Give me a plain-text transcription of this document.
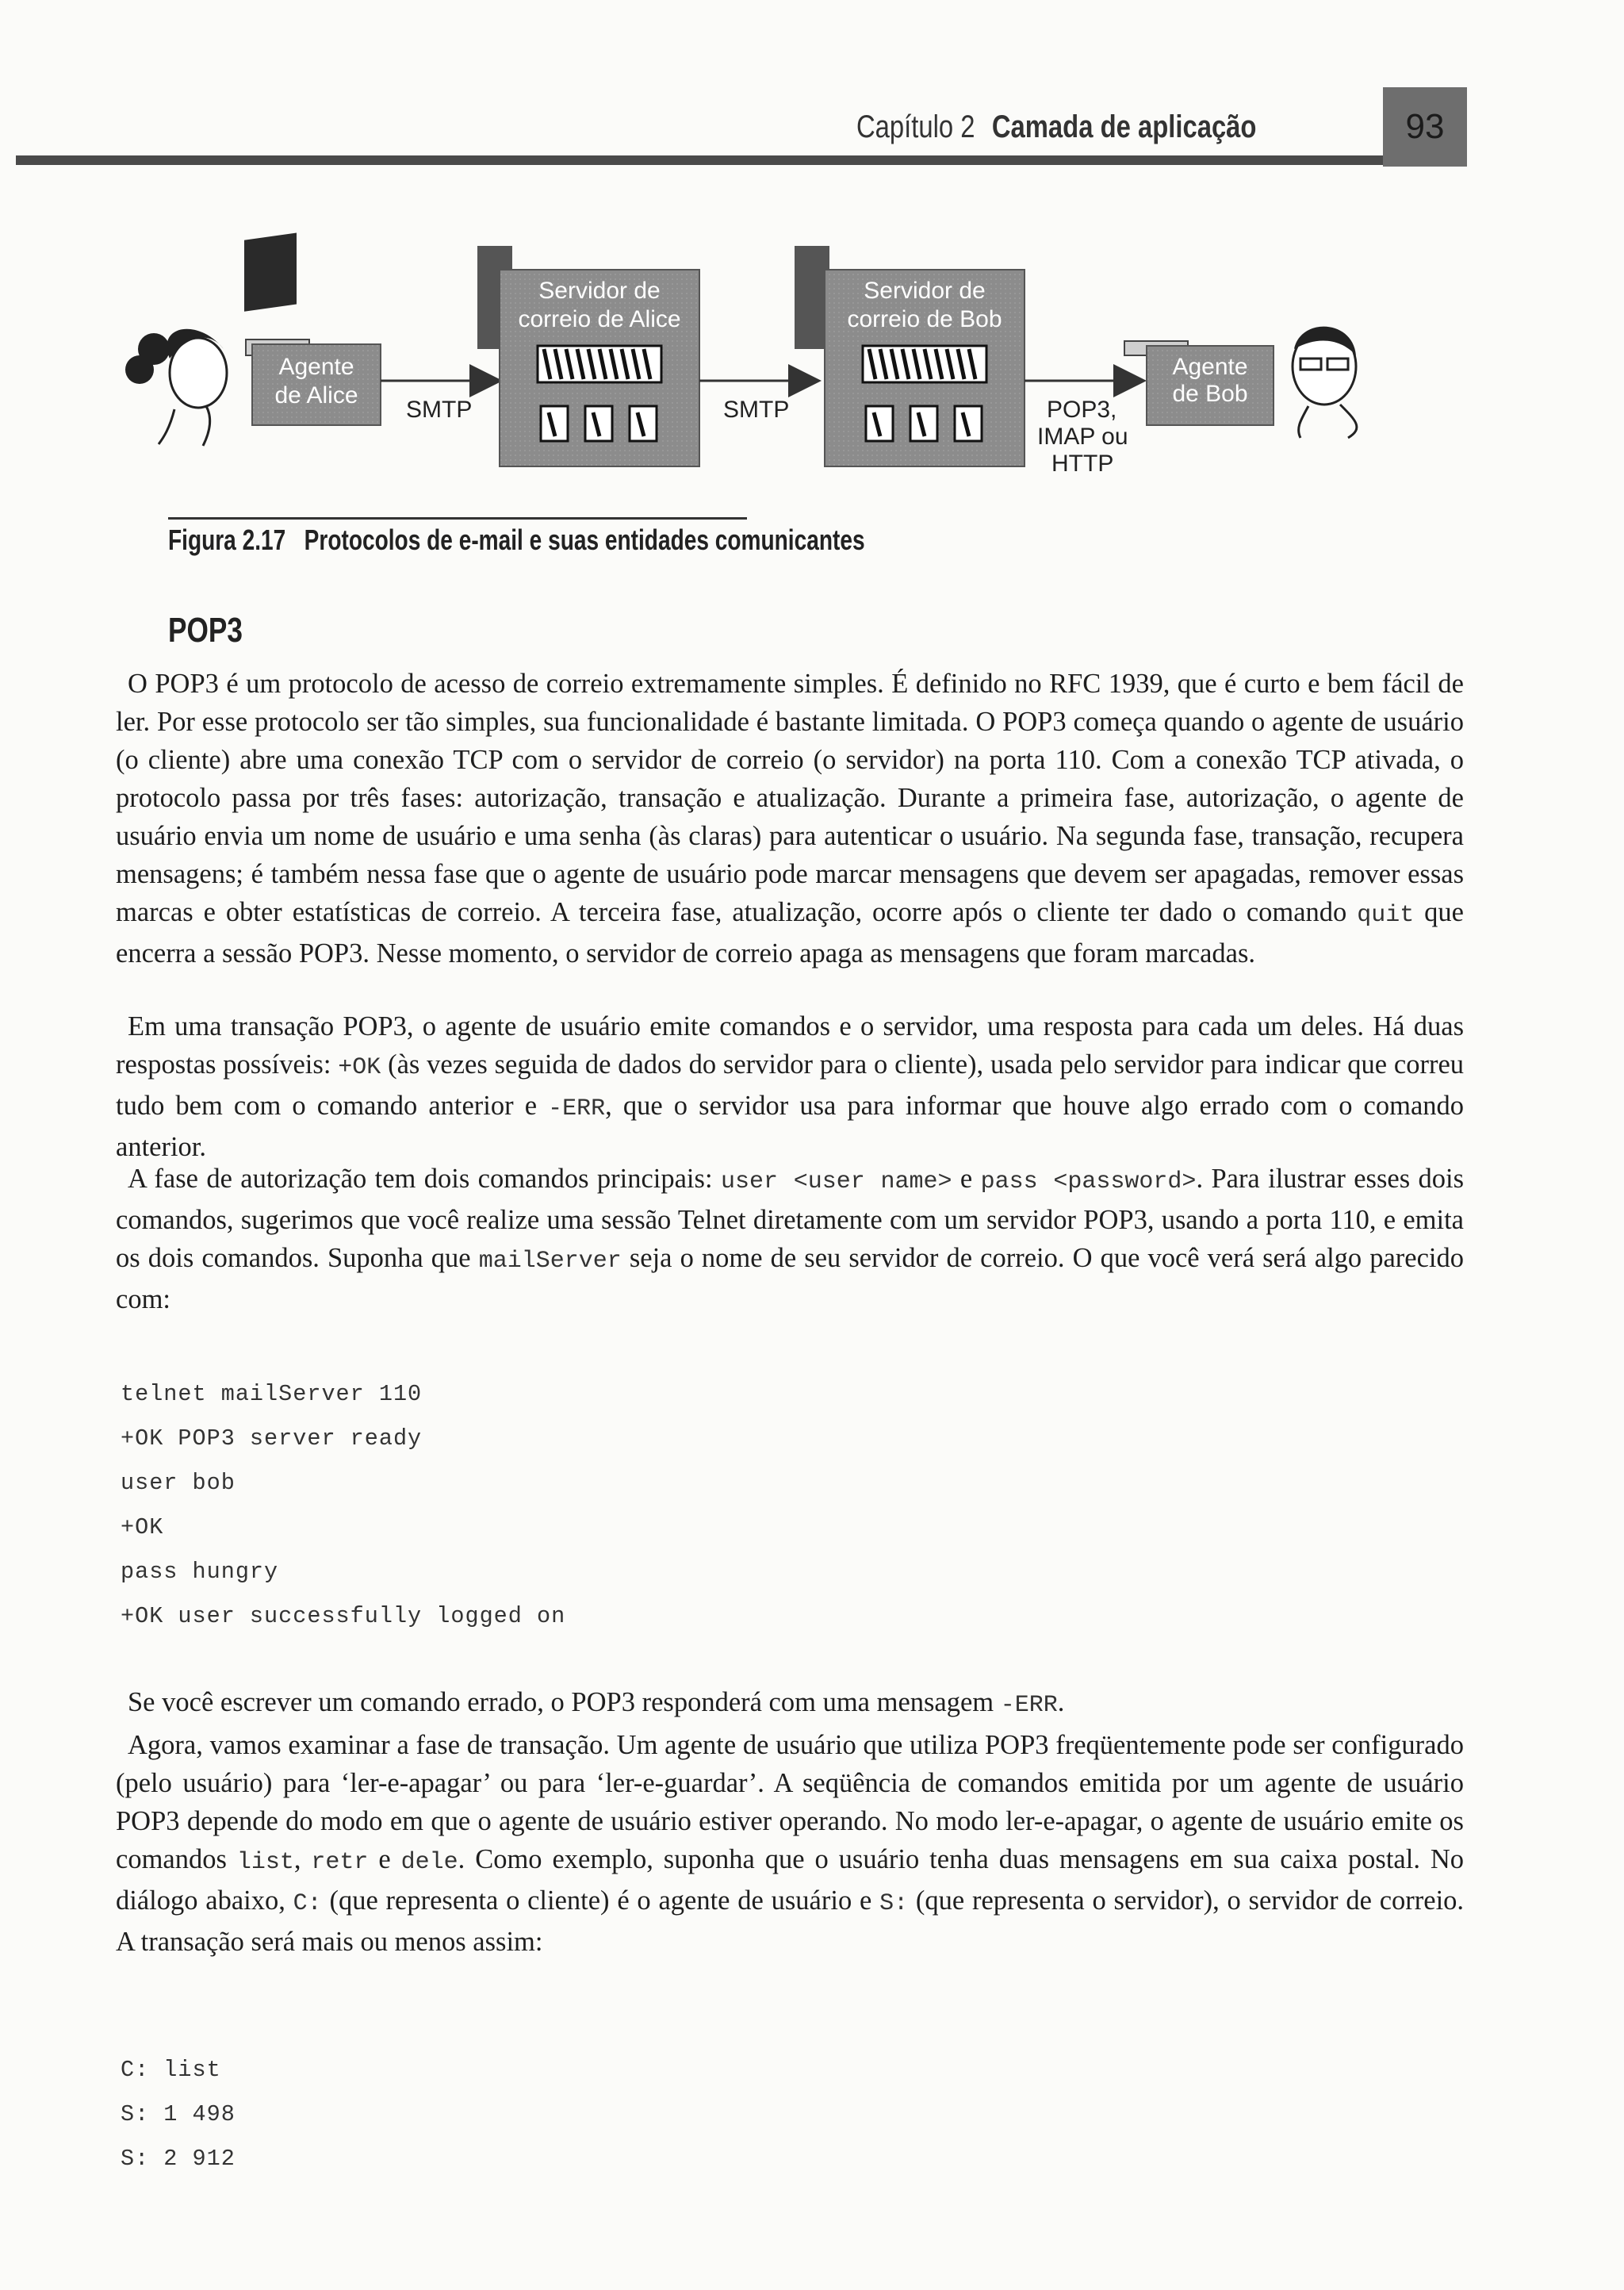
Capítulo 2 Camada de aplicação	93
Agente
de Alice
SMTP
Servidor de
correio de Alice
SMTP
Servidor de
correio de Bob
POP3,
IMAP ou
HTTP
Agente
de Bob
Figura 2.17 Protocolos de e-mail e suas entidades comunicantes
POP3

O POP3 é um protocolo de acesso de correio extremamente simples. É definido no RFC 1939, que é curto e bem fácil de ler. Por esse protocolo ser tão simples, sua funcionalidade é bastante limitada. O POP3 começa quando o agente de usuário (o cliente) abre uma conexão TCP com o servidor de correio (o servidor) na porta 110. Com a conexão TCP ativada, o protocolo passa por três fases: autorização, transação e atualização. Durante a primeira fase, autorização, o agente de usuário envia um nome de usuário e uma senha (às claras) para autenticar o usuário. Na segunda fase, transação, recupera mensagens; é também nessa fase que o agente de usuário pode marcar mensagens que devem ser apagadas, remover essas marcas e obter estatísticas de correio. A terceira fase, atualização, ocorre após o cliente ter dado o comando quit que encerra a sessão POP3. Nesse momento, o servidor de correio apaga as mensagens que foram marcadas.

Em uma transação POP3, o agente de usuário emite comandos e o servidor, uma resposta para cada um deles. Há duas respostas possíveis: +OK (às vezes seguida de dados do servidor para o cliente), usada pelo servidor para indicar que correu tudo bem com o comando anterior e -ERR, que o servidor usa para informar que houve algo errado com o comando anterior.

A fase de autorização tem dois comandos principais: user <user name> e pass <password>. Para ilustrar esses dois comandos, sugerimos que você realize uma sessão Telnet diretamente com um servidor POP3, usando a porta 110, e emita os dois comandos. Suponha que mailServer seja o nome de seu servidor de correio. O que você verá será algo parecido com:

telnet mailServer 110
+OK POP3 server ready
user bob
+OK
pass hungry
+OK user successfully logged on

Se você escrever um comando errado, o POP3 responderá com uma mensagem -ERR.

Agora, vamos examinar a fase de transação. Um agente de usuário que utiliza POP3 freqüentemente pode ser configurado (pelo usuário) para ‘ler-e-apagar’ ou para ‘ler-e-guardar’. A seqüência de comandos emitida por um agente de usuário POP3 depende do modo em que o agente de usuário estiver operando. No modo ler-e-apagar, o agente de usuário emite os comandos list, retr e dele. Como exemplo, suponha que o usuário tenha duas mensagens em sua caixa postal. No diálogo abaixo, C: (que representa o cliente) é o agente de usuário e S: (que representa o servidor), o servidor de correio. A transação será mais ou menos assim:

C: list
S: 1 498
S: 2 912
